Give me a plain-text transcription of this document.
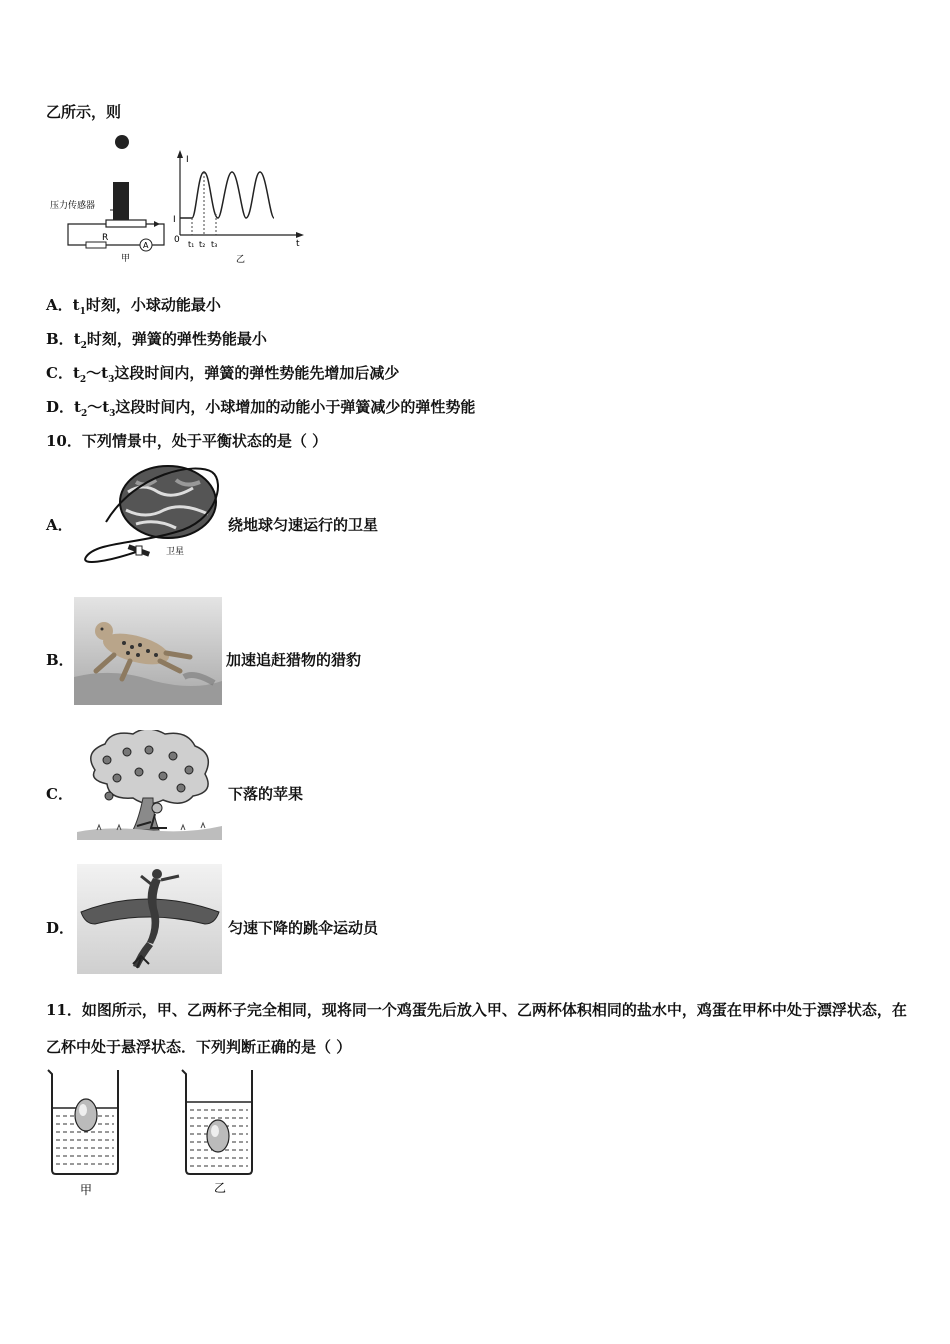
乙所示，则
压力传感器
R
A
甲
I
t
0
I
t₁ t₂ t₃
乙
A．$t_1$时刻，小球动能最小
B．$t_2$时刻，弹簧的弹性势能最小
C．$t_2\sim t_3$这段时间内，弹簧的弹性势能先增加后减少
D．$t_2\sim t_3$这段时间内，小球增加的动能小于弹簧减少的弹性势能
10．下列情景中，处于平衡状态的是（ ）
A．
卫星
绕地球匀速运行的卫星
B．	加速追赶猎物的猎豹
C．	下落的苹果
D．	匀速下降的跳伞运动员
11．如图所示，甲、乙两杯子完全相同，现将同一个鸡蛋先后放入甲、乙两杯体积相同的盐水中，鸡蛋在甲杯中处于漂浮状态，在乙杯中处于悬浮状态．下列判断正确的是（ ）
甲	乙
